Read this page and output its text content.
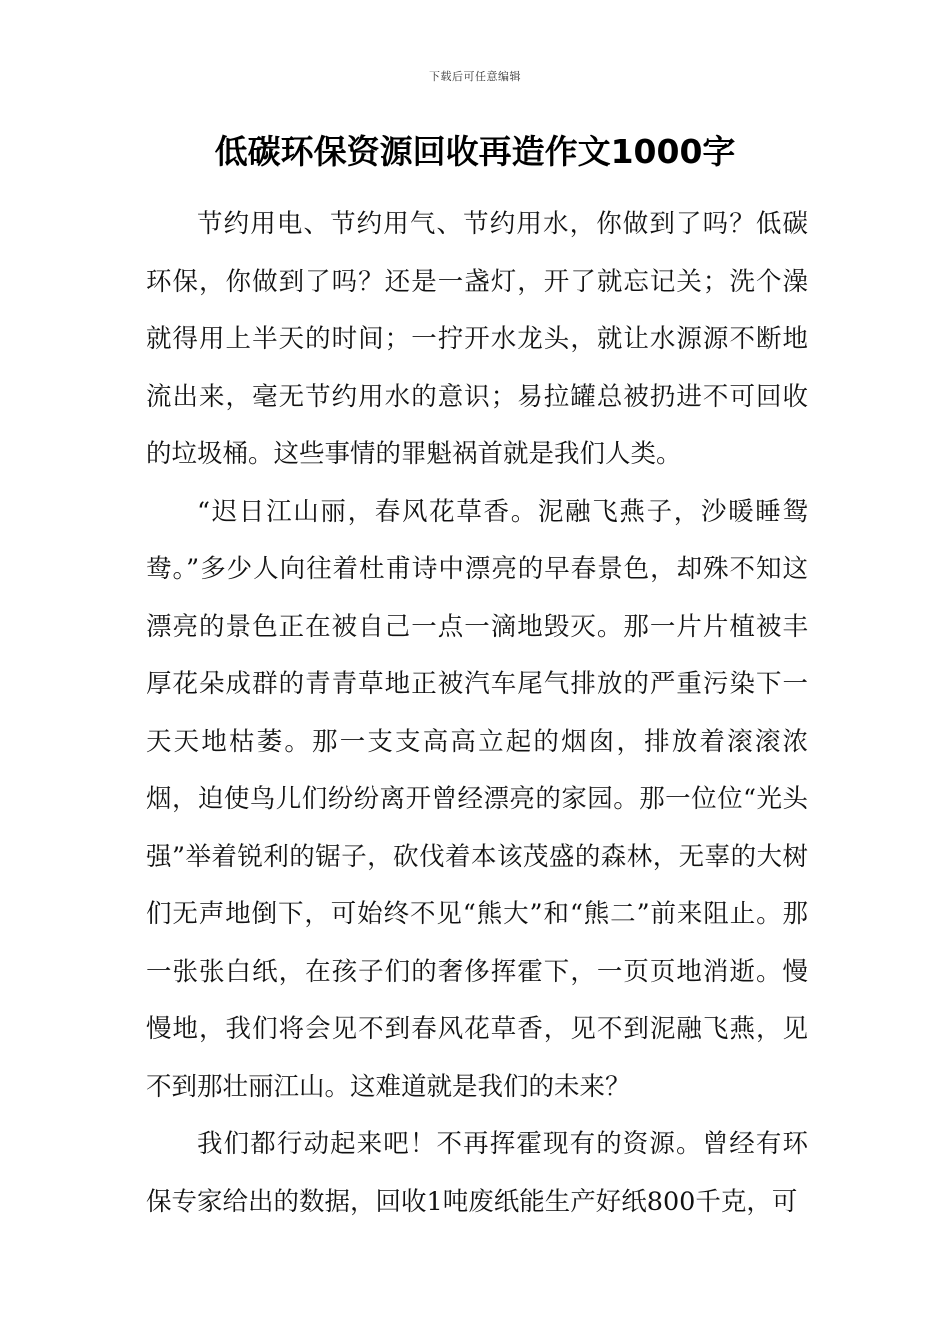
下载后可任意编辑
低碳环保资源回收再造作文1000字

节约用电、节约用气、节约用水，你做到了吗？低碳环保，你做到了吗？还是一盏灯，开了就忘记关；洗个澡就得用上半天的时间；一拧开水龙头，就让水源源不断地流出来，毫无节约用水的意识；易拉罐总被扔进不可回收的垃圾桶。这些事情的罪魁祸首就是我们人类。

“迟日江山丽，春风花草香。泥融飞燕子，沙暖睡鸳鸯。”多少人向往着杜甫诗中漂亮的早春景色，却殊不知这漂亮的景色正在被自己一点一滴地毁灭。那一片片植被丰厚花朵成群的青青草地正被汽车尾气排放的严重污染下一天天地枯萎。那一支支高高立起的烟囱，排放着滚滚浓烟，迫使鸟儿们纷纷离开曾经漂亮的家园。那一位位“光头强”举着锐利的锯子，砍伐着本该茂盛的森林，无辜的大树们无声地倒下，可始终不见“熊大”和“熊二”前来阻止。那一张张白纸，在孩子们的奢侈挥霍下，一页页地消逝。慢慢地，我们将会见不到春风花草香，见不到泥融飞燕，见不到那壮丽江山。这难道就是我们的未来？

我们都行动起来吧！不再挥霍现有的资源。曾经有环保专家给出的数据，回收1吨废纸能生产好纸800千克，可
